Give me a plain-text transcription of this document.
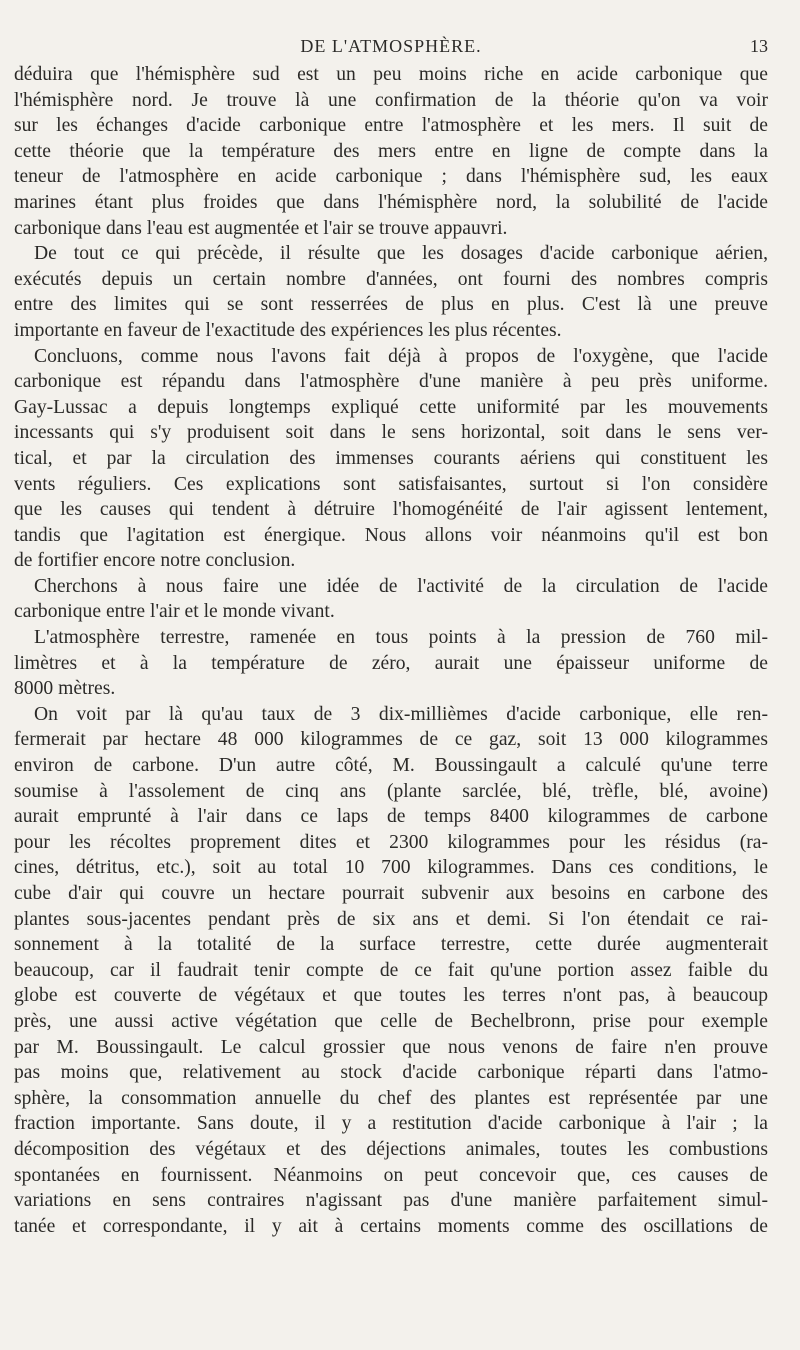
DE L'ATMOSPHÈRE.	13
déduira que l'hémisphère sud est un peu moins riche en acide carbonique que
l'hémisphère nord. Je trouve là une confirmation de la théorie qu'on va voir
sur les échanges d'acide carbonique entre l'atmosphère et les mers. Il suit de
cette théorie que la température des mers entre en ligne de compte dans la
teneur de l'atmosphère en acide carbonique ; dans l'hémisphère sud, les eaux
marines étant plus froides que dans l'hémisphère nord, la solubilité de l'acide
carbonique dans l'eau est augmentée et l'air se trouve appauvri.
De tout ce qui précède, il résulte que les dosages d'acide carbonique aérien,
exécutés depuis un certain nombre d'années, ont fourni des nombres compris
entre des limites qui se sont resserrées de plus en plus. C'est là une preuve
importante en faveur de l'exactitude des expériences les plus récentes.
Concluons, comme nous l'avons fait déjà à propos de l'oxygène, que l'acide
carbonique est répandu dans l'atmosphère d'une manière à peu près uniforme.
Gay-Lussac a depuis longtemps expliqué cette uniformité par les mouvements
incessants qui s'y produisent soit dans le sens horizontal, soit dans le sens ver-
tical, et par la circulation des immenses courants aériens qui constituent les
vents réguliers. Ces explications sont satisfaisantes, surtout si l'on considère
que les causes qui tendent à détruire l'homogénéité de l'air agissent lentement,
tandis que l'agitation est énergique. Nous allons voir néanmoins qu'il est bon
de fortifier encore notre conclusion.
Cherchons à nous faire une idée de l'activité de la circulation de l'acide
carbonique entre l'air et le monde vivant.
L'atmosphère terrestre, ramenée en tous points à la pression de 760 mil-
limètres et à la température de zéro, aurait une épaisseur uniforme de
8000 mètres.
On voit par là qu'au taux de 3 dix-millièmes d'acide carbonique, elle ren-
fermerait par hectare 48 000 kilogrammes de ce gaz, soit 13 000 kilogrammes
environ de carbone. D'un autre côté, M. Boussingault a calculé qu'une terre
soumise à l'assolement de cinq ans (plante sarclée, blé, trèfle, blé, avoine)
aurait emprunté à l'air dans ce laps de temps 8400 kilogrammes de carbone
pour les récoltes proprement dites et 2300 kilogrammes pour les résidus (ra-
cines, détritus, etc.), soit au total 10 700 kilogrammes. Dans ces conditions, le
cube d'air qui couvre un hectare pourrait subvenir aux besoins en carbone des
plantes sous-jacentes pendant près de six ans et demi. Si l'on étendait ce rai-
sonnement à la totalité de la surface terrestre, cette durée augmenterait
beaucoup, car il faudrait tenir compte de ce fait qu'une portion assez faible du
globe est couverte de végétaux et que toutes les terres n'ont pas, à beaucoup
près, une aussi active végétation que celle de Bechelbronn, prise pour exemple
par M. Boussingault. Le calcul grossier que nous venons de faire n'en prouve
pas moins que, relativement au stock d'acide carbonique réparti dans l'atmo-
sphère, la consommation annuelle du chef des plantes est représentée par une
fraction importante. Sans doute, il y a restitution d'acide carbonique à l'air ; la
décomposition des végétaux et des déjections animales, toutes les combustions
spontanées en fournissent. Néanmoins on peut concevoir que, ces causes de
variations en sens contraires n'agissant pas d'une manière parfaitement simul-
tanée et correspondante, il y ait à certains moments comme des oscillations de
